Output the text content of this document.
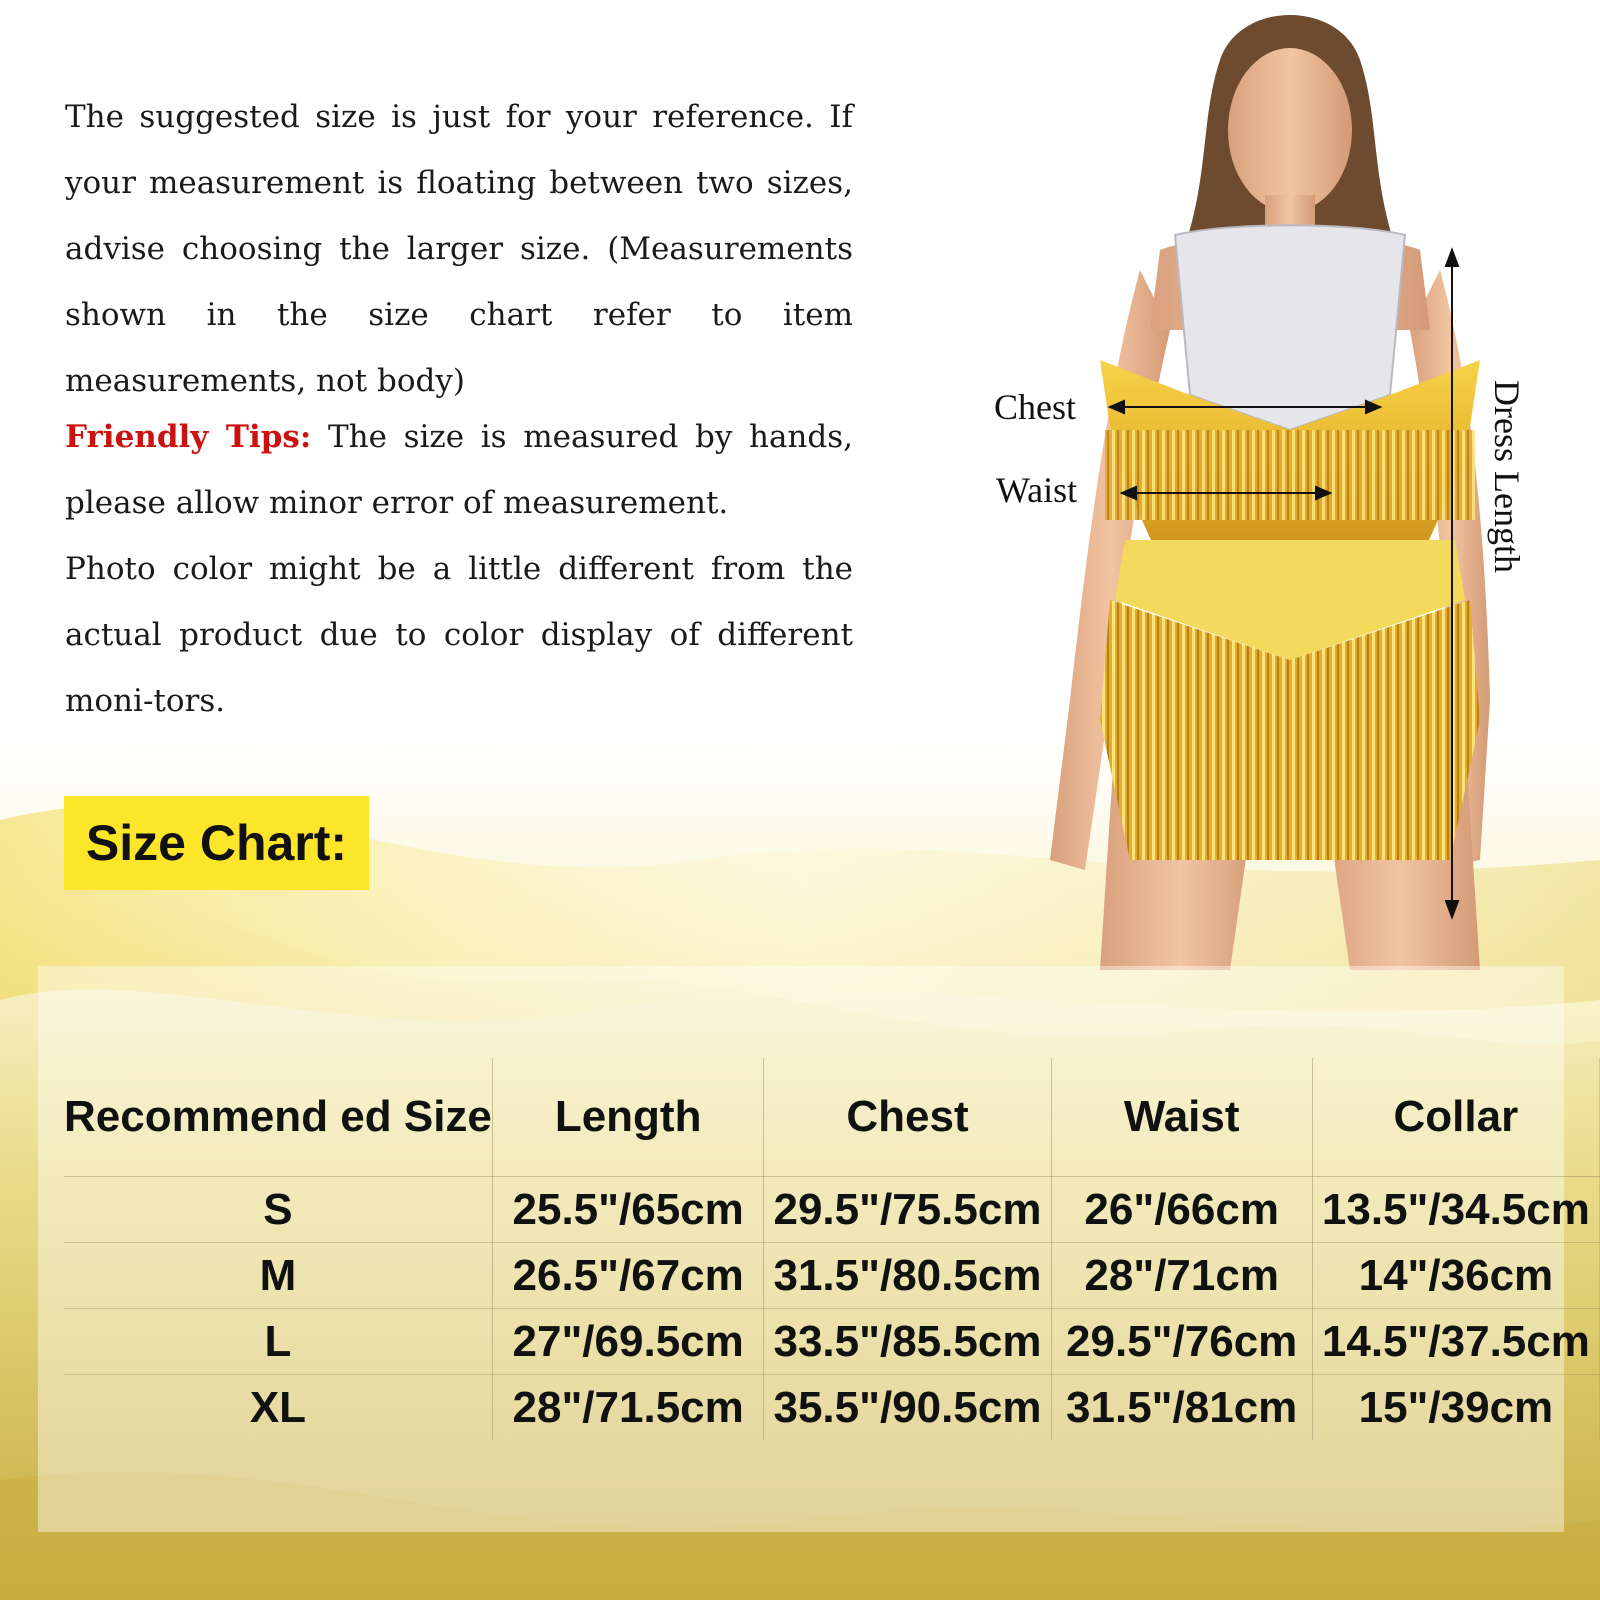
The suggested size is just for your reference. If your measurement is floating between two sizes, advise choosing the larger size. (Measurements shown in the size chart refer to item measurements, not body)

Friendly Tips: The size is measured by hands, please allow minor error of measurement.

Photo color might be a little different from the actual product due to color display of different moni-tors.

Size Chart:
Chest
Waist	Dress Length
Recommend ed Size	Length	Chest	Waist	Collar
S	25.5"/65cm	29.5"/75.5cm	26"/66cm	13.5"/34.5cm
M	26.5"/67cm	31.5"/80.5cm	28"/71cm	14"/36cm
L	27"/69.5cm	33.5"/85.5cm	29.5"/76cm	14.5"/37.5cm
XL	28"/71.5cm	35.5"/90.5cm	31.5"/81cm	15"/39cm
